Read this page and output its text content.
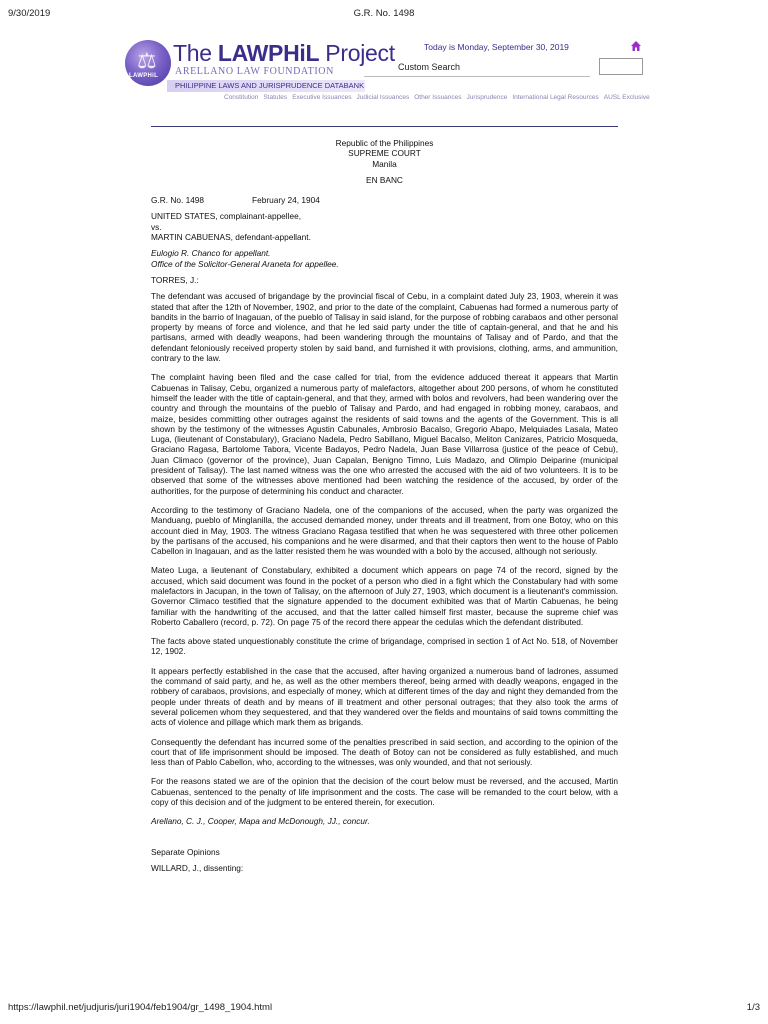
9/30/2019	G.R. No. 1498
⚖
LAWPHiL
The LAWPHiL Project
ARELLANO LAW FOUNDATION
PHILIPPINE LAWS AND JURISPRUDENCE DATABANK
Today is Monday, September 30, 2019
Custom Search
Constitution Statutes Executive Issuances Judicial Issuances Other Issuances Jurisprudence International Legal Resources AUSL Exclusive
Republic of the Philippines
SUPREME COURT
Manila
EN BANC
G.R. No. 1498	February 24, 1904
UNITED STATES, complainant-appellee,
vs.
MARTIN CABUENAS, defendant-appellant.
Eulogio R. Chanco for appellant.
Office of the Solicitor-General Araneta for appellee.
TORRES, J.:

The defendant was accused of brigandage by the provincial fiscal of Cebu, in a complaint dated July 23, 1903, wherein it was stated that after the 12th of November, 1902, and prior to the date of the complaint, Cabuenas had formed a numerous party of bandits in the barrio of Inagauan, of the pueblo of Talisay in said island, for the purpose of robbing carabaos and other personal property by means of force and violence, and that he led said party under the title of captain-general, and that he and his partisans, armed with deadly weapons, had been wandering through the mountains of Talisay and of Pardo, and that the defendant feloniously received property stolen by said band, and furnished it with provisions, clothing, arms, and ammunition, contrary to the law.

The complaint having been filed and the case called for trial, from the evidence adduced thereat it appears that Martin Cabuenas in Talisay, Cebu, organized a numerous party of malefactors, altogether about 200 persons, of whom he constituted himself the leader with the title of captain-general, and that they, armed with bolos and revolvers, had been wandering over the country and through the mountains of the pueblo of Talisay and Pardo, and had engaged in robbing money, carabaos, and maize, besides committing other outrages against the residents of said towns and the agents of the Government. This is all shown by the testimony of the witnesses Agustin Cabunales, Ambrosio Bacalso, Gregorio Abapo, Melquiades Lasala, Mateo Luga, (lieutenant of Constabulary), Graciano Nadela, Pedro Sabillano, Miguel Bacalso, Meliton Canizares, Patricio Mosqueda, Graciano Ragasa, Bartolome Tabora, Vicente Badayos, Pedro Nadela, Juan Base Villarrosa (justice of the peace of Cebu), Juan Climaco (governor of the province), Juan Capalan, Benigno Timno, Luis Madazo, and Olimpio Deiparine (municipal president of Talisay). The last named witness was the one who arrested the accused with the aid of two volunteers. It is to be observed that some of the witnesses above mentioned had been watching the residence of the accused, by order of the authorities, for the purpose of determining his conduct and character.

According to the testimony of Graciano Nadela, one of the companions of the accused, when the party was organized the Manduang, pueblo of Minglanilla, the accused demanded money, under threats and ill treatment, from one Botoy, who on this account died in May, 1903. The witness Graciano Ragasa testified that when he was sequestered with three other policemen by the partisans of the accused, his companions and he were disarmed, and that their captors then went to the house of Pablo Cabellon in Inagauan, and as the latter resisted them he was wounded with a bolo by the accused, although not seriously.

Mateo Luga, a lieutenant of Constabulary, exhibited a document which appears on page 74 of the record, signed by the accused, which said document was found in the pocket of a person who died in a fight which the Constabulary had with some malefactors in Jacupan, in the town of Talisay, on the afternoon of July 27, 1903, which document is a lieutenant's commission. Governor Climaco testified that the signature appended to the document exhibited was that of Martin Cabuenas, he being familiar with the handwriting of the accused, and that the latter called himself first master, because the supreme chief was Roberto Caballero (record, p. 72). On page 75 of the record there appear the cedulas which the defendant distributed.

The facts above stated unquestionably constitute the crime of brigandage, comprised in section 1 of Act No. 518, of November 12, 1902.

It appears perfectly established in the case that the accused, after having organized a numerous band of ladrones, assumed the command of said party, and he, as well as the other members thereof, being armed with deadly weapons, engaged in the robbery of carabaos, provisions, and especially of money, which at different times of the day and night they demanded from the people under threats of death and by means of ill treatment and other personal outrages; that they also took the arms of several policemen whom they sequestered, and that they wandered over the fields and mountains of said towns committing the acts of violence and pillage which mark them as brigands.

Consequently the defendant has incurred some of the penalties prescribed in said section, and according to the opinion of the court that of life imprisonment should be imposed. The death of Botoy can not be considered as fully established, and much less than of Pablo Cabellon, who, according to the witnesses, was only wounded, and that not seriously.

For the reasons stated we are of the opinion that the decision of the court below must be reversed, and the accused, Martin Cabuenas, sentenced to the penalty of life imprisonment and the costs. The case will be remanded to the court below, with a copy of this decision and of the judgment to be entered therein, for execution.

Arellano, C. J., Cooper, Mapa and McDonough, JJ., concur.
Separate Opinions
WILLARD, J., dissenting:
https://lawphil.net/judjuris/juri1904/feb1904/gr_1498_1904.html	1/3
